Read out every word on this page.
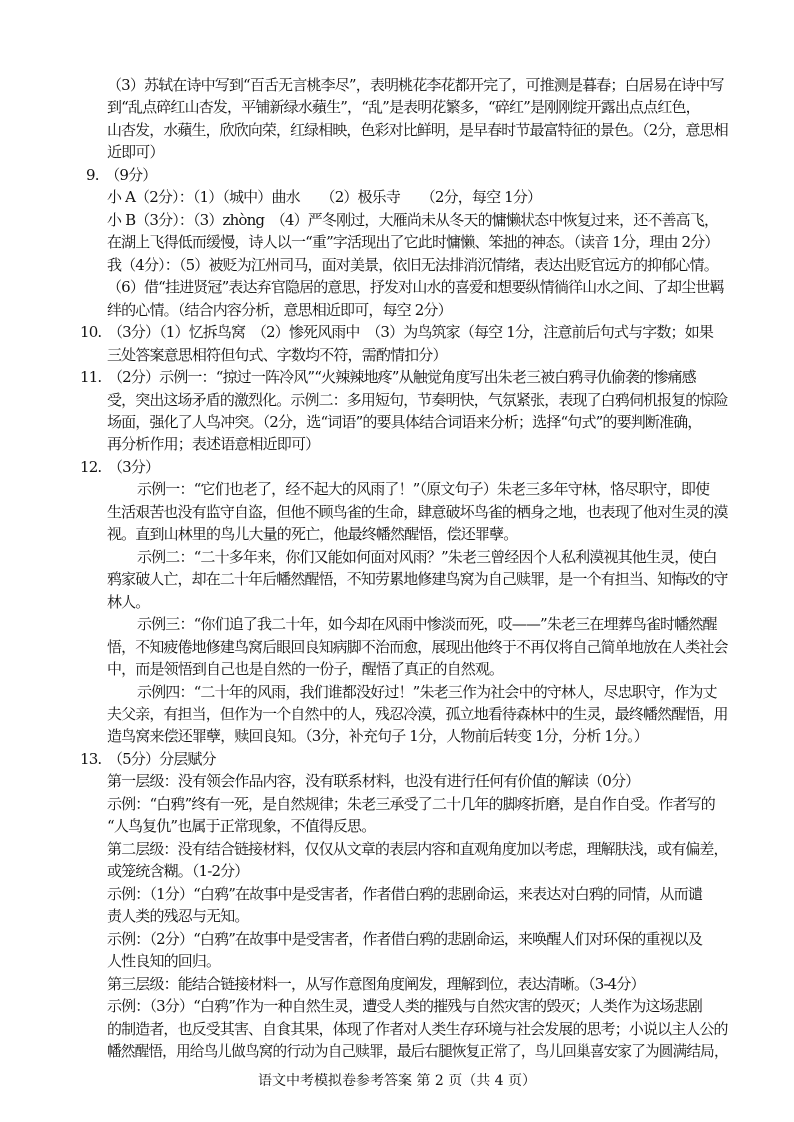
（3）苏轼在诗中写到“百舌无言桃李尽”，表明桃花李花都开完了，可推测是暮春；白居易在诗中写
到“乱点碎红山杏发，平铺新绿水蘋生”，“乱”是表明花繁多，“碎红”是刚刚绽开露出点点红色，
山杏发，水蘋生，欣欣向荣，红绿相映，色彩对比鲜明，是早春时节最富特征的景色。（2分，意思相
近即可）
9.　（9分）
小 A（2分）：（1）（城中）曲水　　（2）极乐寺　　（2分，每空 1分）
小 B（3分）：（3）zhòng　（4）严冬刚过，大雁尚未从冬天的慵懒状态中恢复过来，还不善高飞，
在湖上飞得低而缓慢，诗人以一“重”字活现出了它此时慵懒、笨拙的神态。（读音 1分，理由 2分）
我（4分）：（5）被贬为江州司马，面对美景，依旧无法排消沉情绪，表达出贬官远方的抑郁心情。
（6）借“挂进贤冠”表达弃官隐居的意思，抒发对山水的喜爱和想要纵情徜徉山水之间、了却尘世羁
绊的心情。（结合内容分析，意思相近即可，每空 2分）
10.　（3分）（1）忆拆鸟窝　（2）惨死风雨中　（3）为鸟筑家（每空 1分，注意前后句式与字数；如果
三处答案意思相符但句式、字数均不符，需酌情扣分）
11.　（2分）示例一：“掠过一阵冷风”“火辣辣地疼”从触觉角度写出朱老三被白鸦寻仇偷袭的惨痛感
受，突出这场矛盾的激烈化。示例二：多用短句，节奏明快，气氛紧张，表现了白鸦伺机报复的惊险
场面，强化了人鸟冲突。（2分，选“词语”的要具体结合词语来分析；选择“句式”的要判断准确，
再分析作用；表述语意相近即可）
12.　（3分）
示例一：“它们也老了，经不起大的风雨了！”（原文句子）朱老三多年守林，恪尽职守，即使
生活艰苦也没有监守自盗，但他不顾鸟雀的生命，肆意破坏鸟雀的栖身之地，也表现了他对生灵的漠
视。直到山林里的鸟儿大量的死亡，他最终幡然醒悟，偿还罪孽。
示例二：“二十多年来，你们又能如何面对风雨？”朱老三曾经因个人私利漠视其他生灵，使白
鸦家破人亡，却在二十年后幡然醒悟，不知劳累地修建鸟窝为自己赎罪，是一个有担当、知悔改的守
林人。
示例三：“你们追了我二十年，如今却在风雨中惨淡而死，哎——”朱老三在埋葬鸟雀时幡然醒
悟，不知疲倦地修建鸟窝后眼回良知病脚不治而愈，展现出他终于不再仅将自己简单地放在人类社会
中，而是领悟到自己也是自然的一份子，醒悟了真正的自然观。
示例四：“二十年的风雨，我们谁都没好过！”朱老三作为社会中的守林人，尽忠职守，作为丈
夫父亲，有担当，但作为一个自然中的人，残忍冷漠，孤立地看待森林中的生灵，最终幡然醒悟，用
造鸟窝来偿还罪孽，赎回良知。（3分，补充句子 1分，人物前后转变 1分，分析 1分。）
13.　（5分）分层赋分
第一层级：没有领会作品内容，没有联系材料，也没有进行任何有价值的解读（0分）
示例：“白鸦”终有一死，是自然规律；朱老三承受了二十几年的脚疼折磨，是自作自受。作者写的
“人鸟复仇”也属于正常现象，不值得反思。
第二层级：没有结合链接材料，仅仅从文章的表层内容和直观角度加以考虑，理解肤浅，或有偏差，
或笼统含糊。（1-2分）
示例：（1分）“白鸦”在故事中是受害者，作者借白鸦的悲剧命运，来表达对白鸦的同情，从而谴
责人类的残忍与无知。
示例：（2分）“白鸦”在故事中是受害者，作者借白鸦的悲剧命运，来唤醒人们对环保的重视以及
人性良知的回归。
第三层级：能结合链接材料一，从写作意图角度阐发，理解到位，表达清晰。（3-4分）
示例：（3分）“白鸦”作为一种自然生灵，遭受人类的摧残与自然灾害的毁灭；人类作为这场悲剧
的制造者，也反受其害、自食其果，体现了作者对人类生存环境与社会发展的思考；小说以主人公的
幡然醒悟，用给鸟儿做鸟窝的行动为自己赎罪，最后右腿恢复正常了，鸟儿回巢喜安家了为圆满结局，
语文中考模拟卷参考答案 第 2 页（共 4 页）
